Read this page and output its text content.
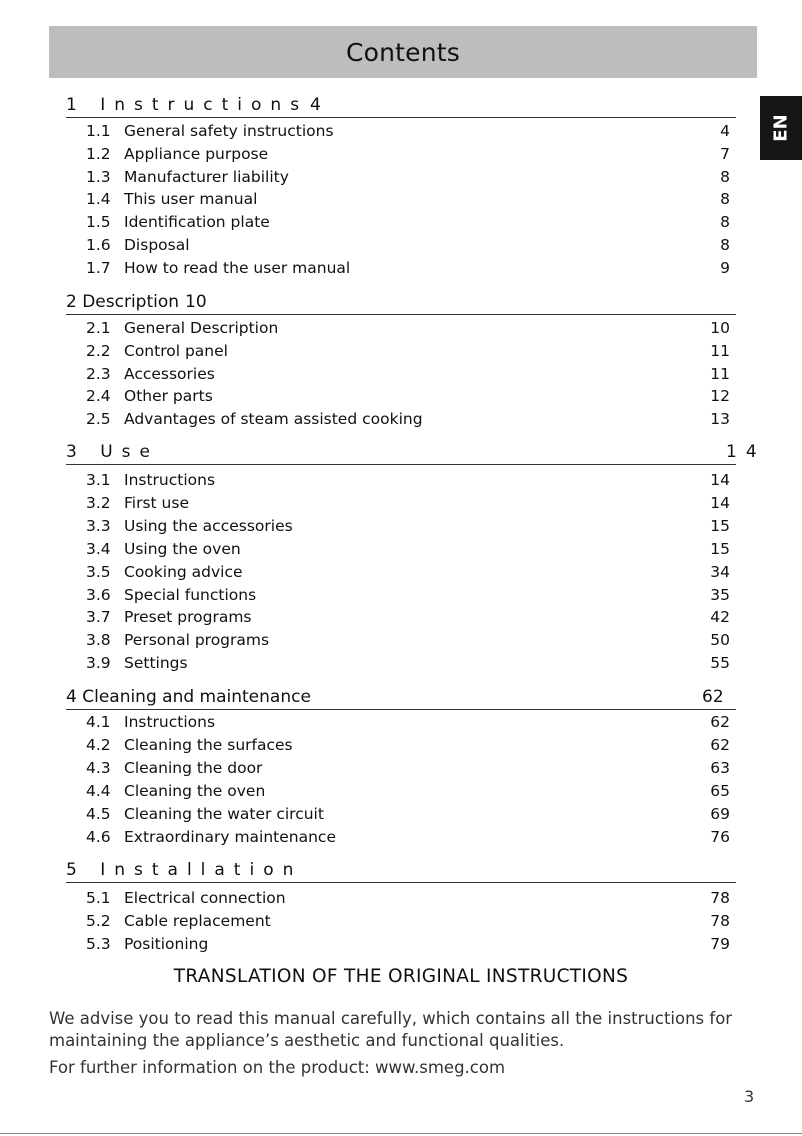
Contents
EN
1 Instructions 4
1.1 General safety instructions	4
1.2 Appliance purpose	7
1.3 Manufacturer liability	8
1.4 This user manual	8
1.5 Identification plate	8
1.6 Disposal	8
1.7 How to read the user manual	9
2 Description 10
2.1 General Description	10
2.2 Control panel	11
2.3 Accessories	11
2.4 Other parts	12
2.5 Advantages of steam assisted cooking	13
3 Use	14
3.1 Instructions	14
3.2 First use	14
3.3 Using the accessories	15
3.4 Using the oven	15
3.5 Cooking advice	34
3.6 Special functions	35
3.7 Preset programs	42
3.8 Personal programs	50
3.9 Settings	55
4 Cleaning and maintenance	62
4.1 Instructions	62
4.2 Cleaning the surfaces	62
4.3 Cleaning the door	63
4.4 Cleaning the oven	65
4.5 Cleaning the water circuit	69
4.6 Extraordinary maintenance	76
5 Installation
5.1 Electrical connection	78
5.2 Cable replacement	78
5.3 Positioning	79
TRANSLATION OF THE ORIGINAL INSTRUCTIONS
We advise you to read this manual carefully, which contains all the instructions for maintaining the appliance’s aesthetic and functional qualities.
For further information on the product: www.smeg.com
3
